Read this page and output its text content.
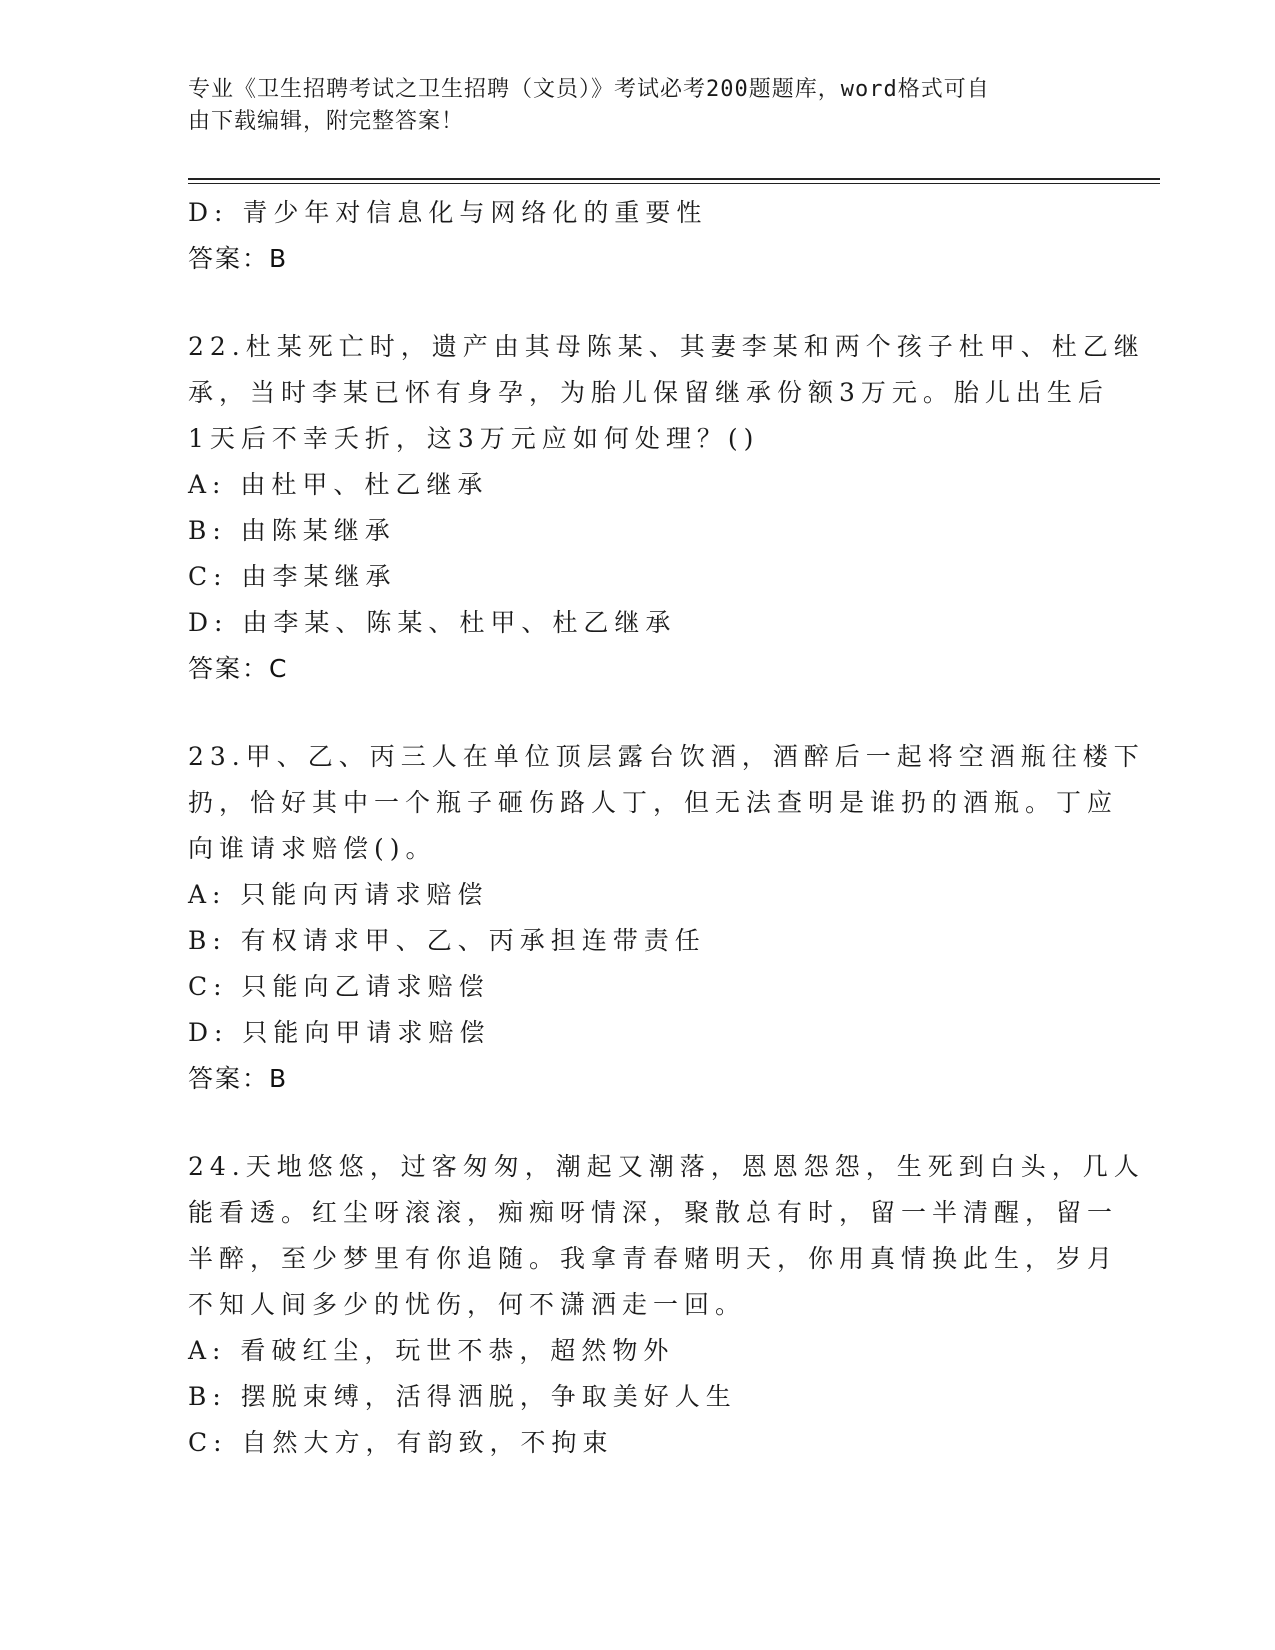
专业《卫生招聘考试之卫生招聘（文员）》考试必考200题题库，word格式可自
由下载编辑，附完整答案！
D: 青少年对信息化与网络化的重要性
答案：B
22.杜某死亡时，遗产由其母陈某、其妻李某和两个孩子杜甲、杜乙继
承，当时李某已怀有身孕，为胎儿保留继承份额3万元。胎儿出生后
1天后不幸夭折，这3万元应如何处理？()
A: 由杜甲、杜乙继承
B: 由陈某继承
C: 由李某继承
D: 由李某、陈某、杜甲、杜乙继承
答案：C
23.甲、乙、丙三人在单位顶层露台饮酒，酒醉后一起将空酒瓶往楼下
扔，恰好其中一个瓶子砸伤路人丁，但无法查明是谁扔的酒瓶。丁应
向谁请求赔偿()。
A: 只能向丙请求赔偿
B: 有权请求甲、乙、丙承担连带责任
C: 只能向乙请求赔偿
D: 只能向甲请求赔偿
答案：B
24.天地悠悠，过客匆匆，潮起又潮落，恩恩怨怨，生死到白头，几人
能看透。红尘呀滚滚，痴痴呀情深，聚散总有时，留一半清醒，留一
半醉，至少梦里有你追随。我拿青春赌明天，你用真情换此生，岁月
不知人间多少的忧伤，何不潇洒走一回。
A: 看破红尘，玩世不恭，超然物外
B: 摆脱束缚，活得洒脱，争取美好人生
C: 自然大方，有韵致，不拘束
